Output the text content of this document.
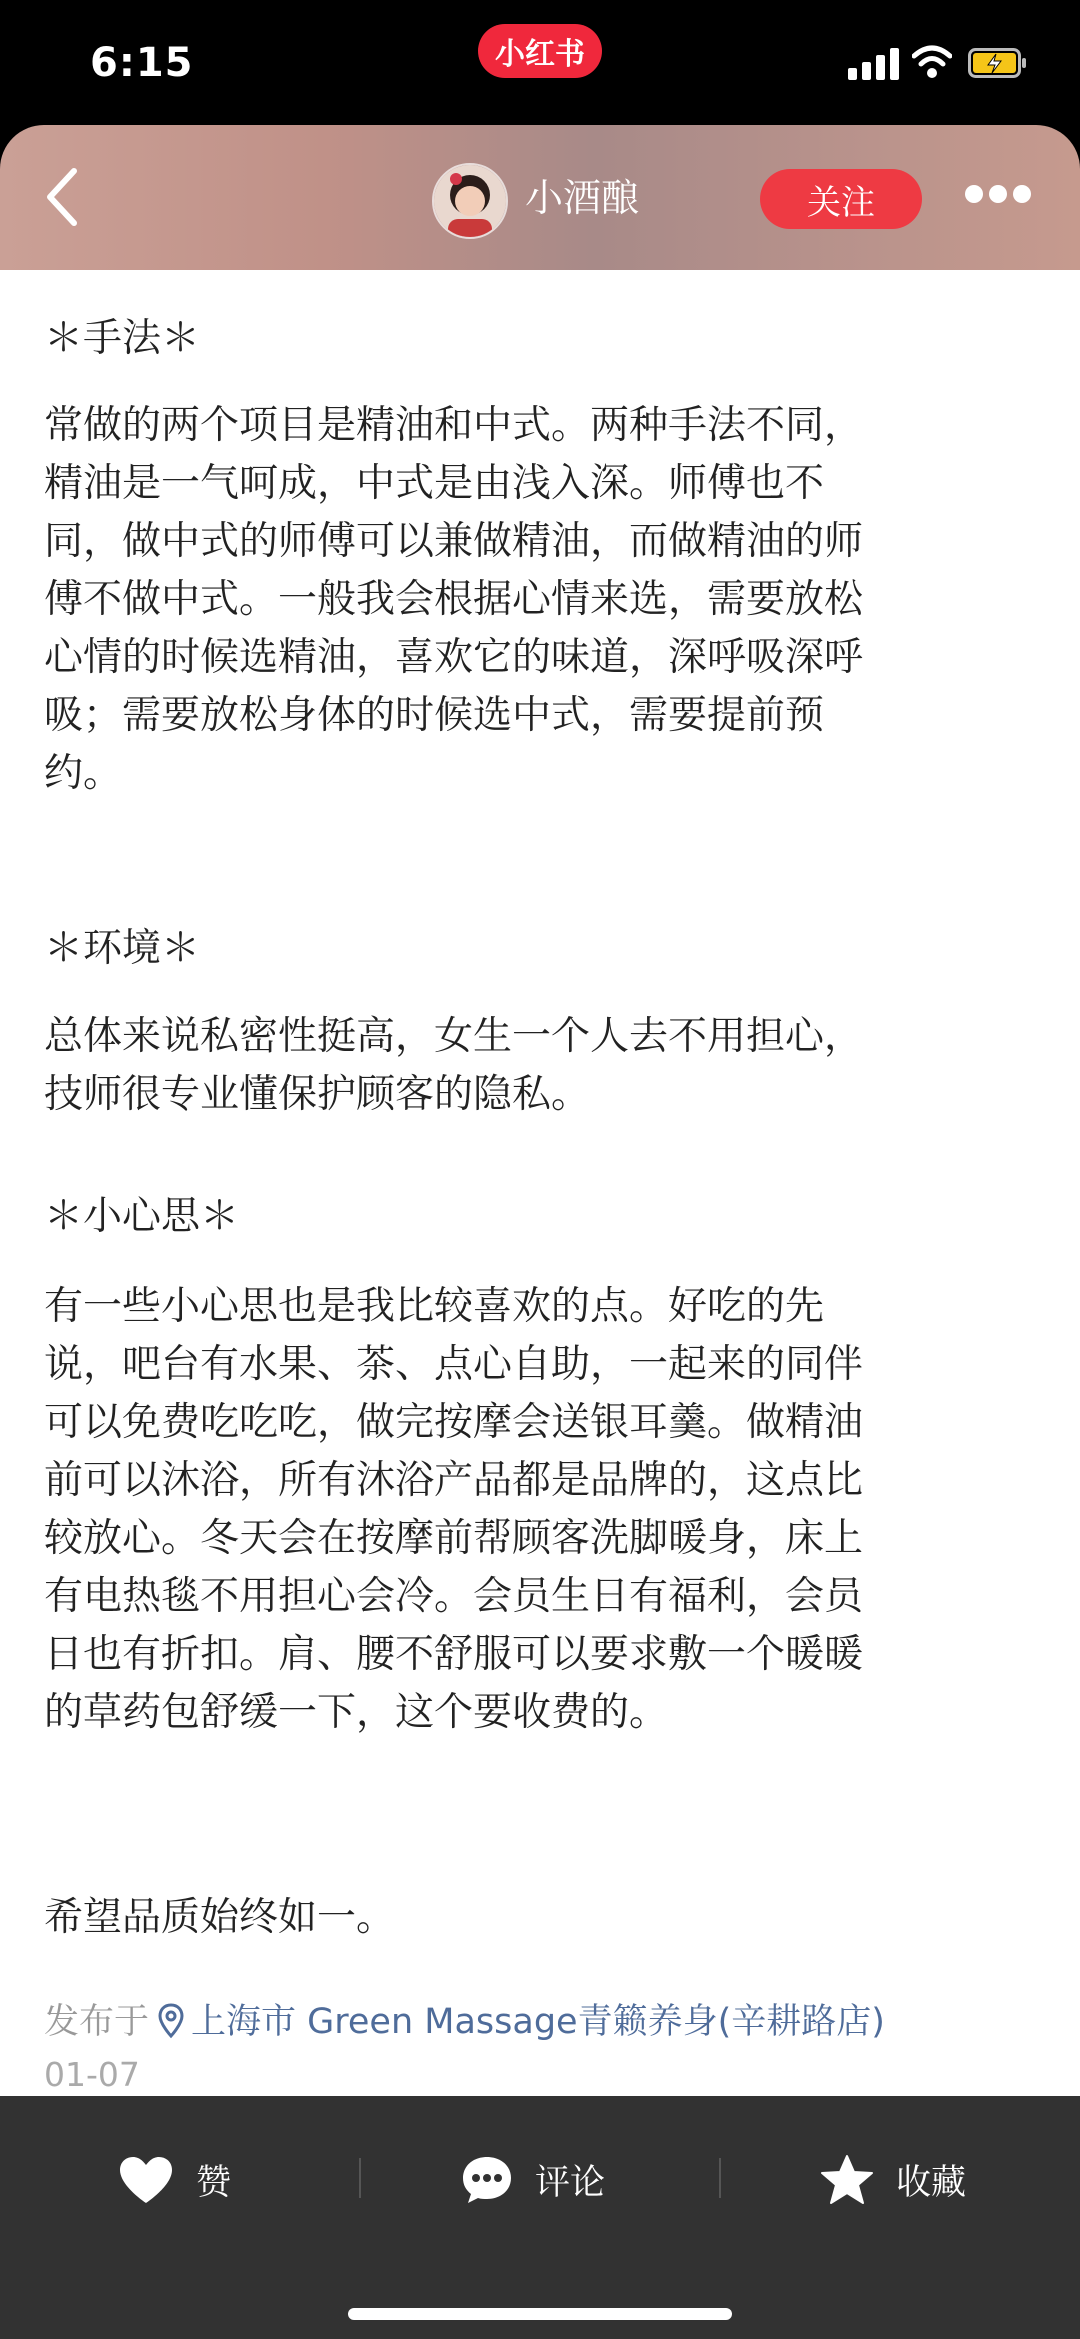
6:15	小红书
小酒酿	关注

＊手法＊

常做的两个项目是精油和中式。两种手法不同，
精油是一气呵成，中式是由浅入深。师傅也不
同，做中式的师傅可以兼做精油，而做精油的师
傅不做中式。一般我会根据心情来选，需要放松
心情的时候选精油，喜欢它的味道，深呼吸深呼
吸；需要放松身体的时候选中式，需要提前预
约。

＊环境＊

总体来说私密性挺高，女生一个人去不用担心，
技师很专业懂保护顾客的隐私。

＊小心思＊

有一些小心思也是我比较喜欢的点。好吃的先
说，吧台有水果、茶、点心自助，一起来的同伴
可以免费吃吃吃，做完按摩会送银耳羹。做精油
前可以沐浴，所有沐浴产品都是品牌的，这点比
较放心。冬天会在按摩前帮顾客洗脚暖身，床上
有电热毯不用担心会冷。会员生日有福利，会员
日也有折扣。肩、腰不舒服可以要求敷一个暖暖
的草药包舒缓一下，这个要收费的。

希望品质始终如一。

发布于 上海市 Green Massage青籁养身(辛耕路店)
01-07
赞	评论	收藏
